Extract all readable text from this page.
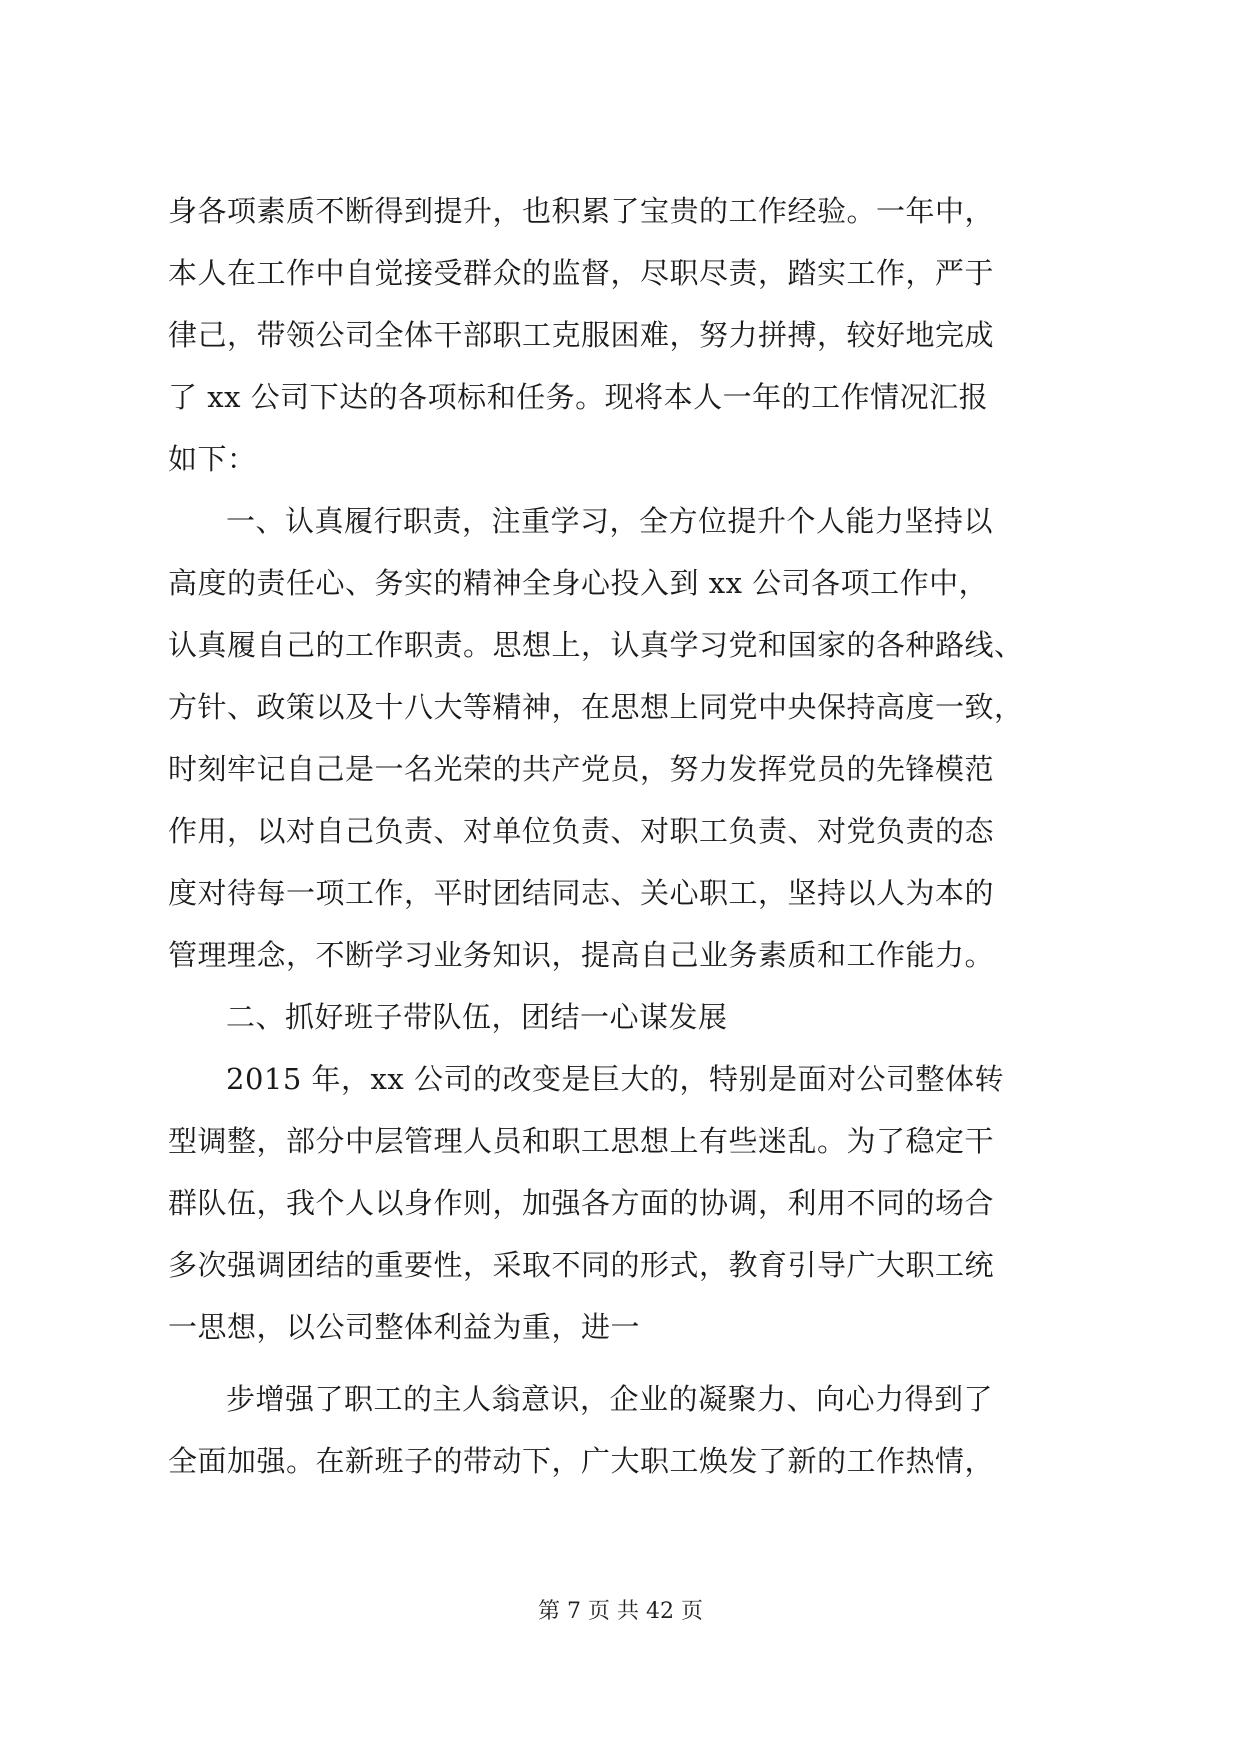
身各项素质不断得到提升，也积累了宝贵的工作经验。一年中，
本人在工作中自觉接受群众的监督，尽职尽责，踏实工作，严于
律己，带领公司全体干部职工克服困难，努力拼搏，较好地完成
了 xx 公司下达的各项标和任务。现将本人一年的工作情况汇报
如下：
一、认真履行职责，注重学习，全方位提升个人能力坚持以
高度的责任心、务实的精神全身心投入到 xx 公司各项工作中，
认真履自己的工作职责。思想上，认真学习党和国家的各种路线、
方针、政策以及十八大等精神，在思想上同党中央保持高度一致，
时刻牢记自己是一名光荣的共产党员，努力发挥党员的先锋模范
作用，以对自己负责、对单位负责、对职工负责、对党负责的态
度对待每一项工作，平时团结同志、关心职工，坚持以人为本的
管理理念，不断学习业务知识，提高自己业务素质和工作能力。
二、抓好班子带队伍，团结一心谋发展
2015 年，xx 公司的改变是巨大的，特别是面对公司整体转
型调整，部分中层管理人员和职工思想上有些迷乱。为了稳定干
群队伍，我个人以身作则，加强各方面的协调，利用不同的场合
多次强调团结的重要性，采取不同的形式，教育引导广大职工统
一思想，以公司整体利益为重，进一
步增强了职工的主人翁意识，企业的凝聚力、向心力得到了
全面加强。在新班子的带动下，广大职工焕发了新的工作热情，
第 7 页 共 42 页
